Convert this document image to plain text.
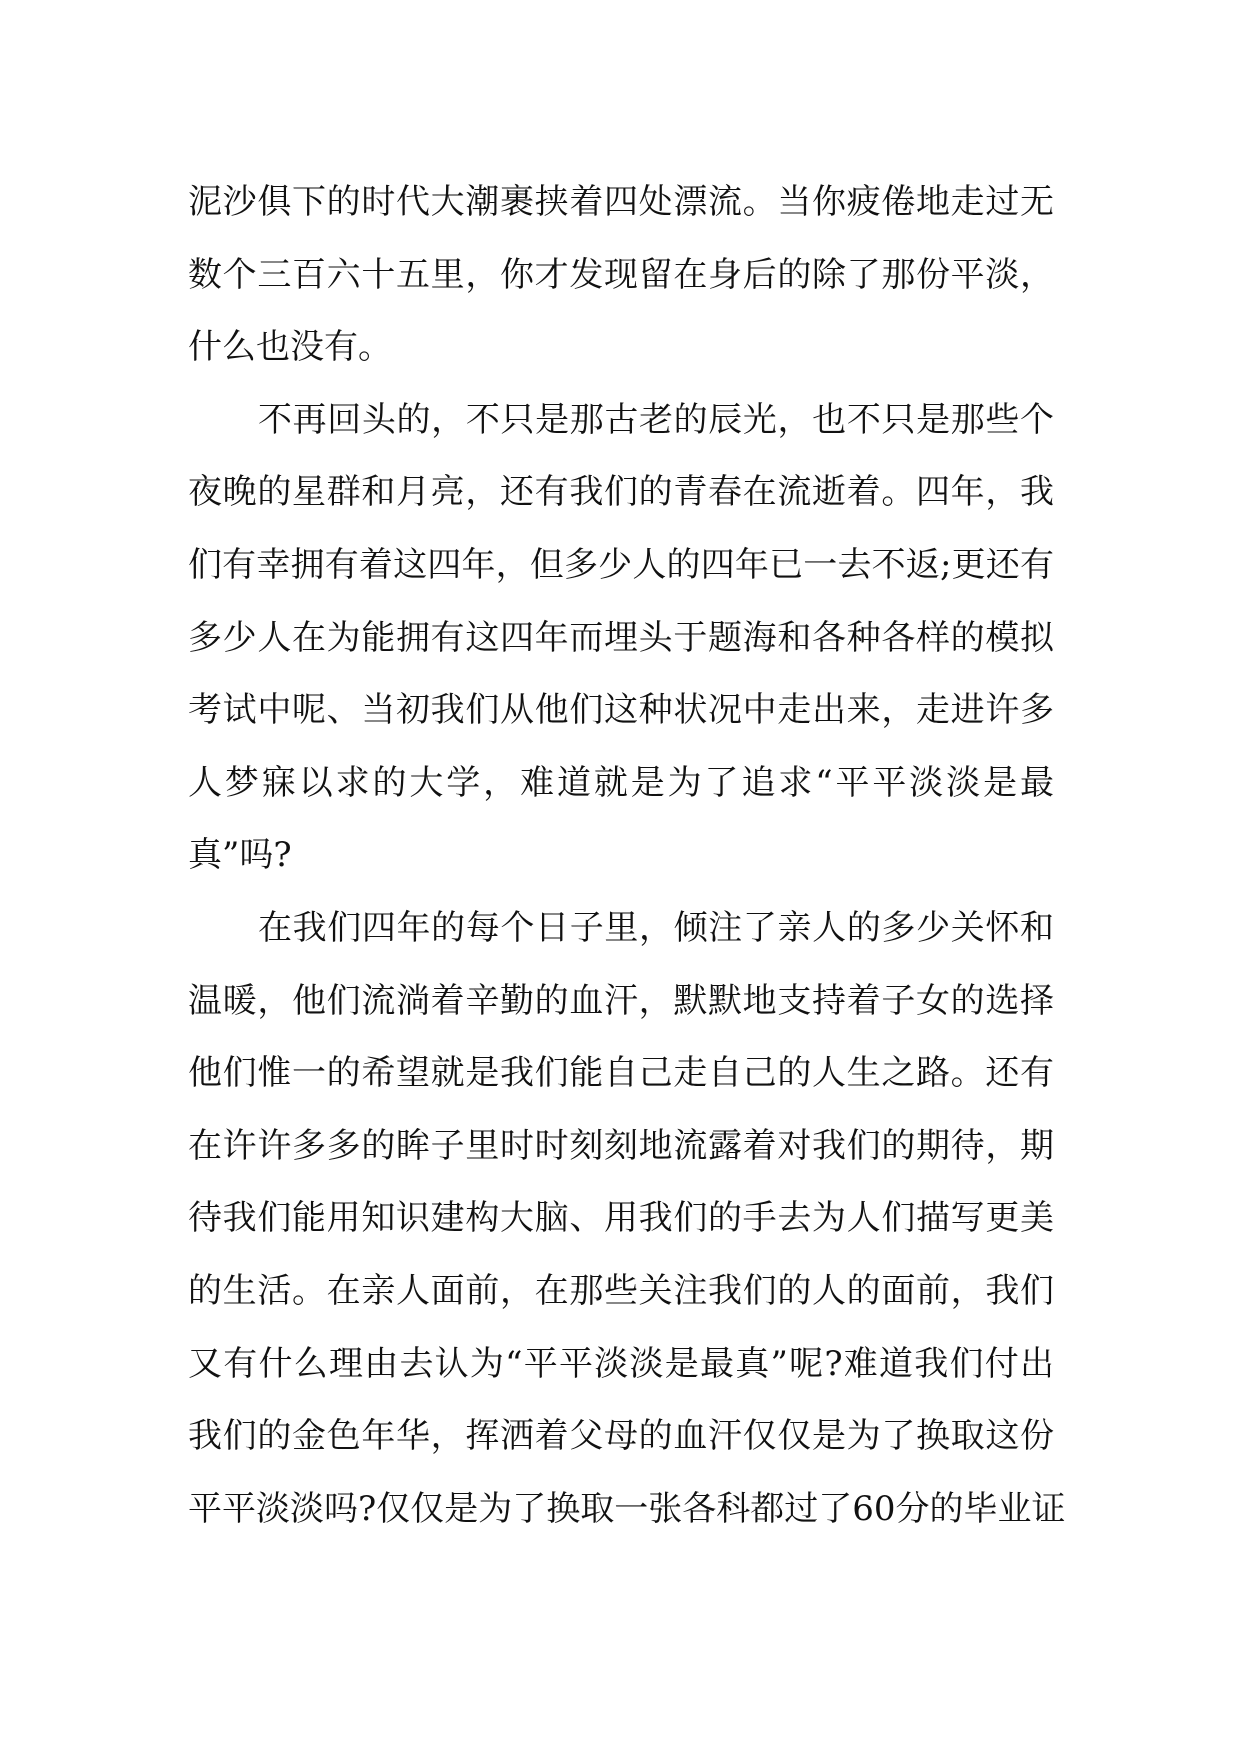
泥沙俱下的时代大潮裹挟着四处漂流。当你疲倦地走过无
数个三百六十五里，你才发现留在身后的除了那份平淡，
什么也没有。
不再回头的，不只是那古老的辰光，也不只是那些个
夜晚的星群和月亮，还有我们的青春在流逝着。四年，我
们有幸拥有着这四年，但多少人的四年已一去不返;更还有
多少人在为能拥有这四年而埋头于题海和各种各样的模拟
考试中呢、当初我们从他们这种状况中走出来，走进许多
人梦寐以求的大学，难道就是为了追求“平平淡淡是最
真”吗?
在我们四年的每个日子里，倾注了亲人的多少关怀和
温暖，他们流淌着辛勤的血汗，默默地支持着子女的选择
他们惟一的希望就是我们能自己走自己的人生之路。还有
在许许多多的眸子里时时刻刻地流露着对我们的期待，期
待我们能用知识建构大脑、用我们的手去为人们描写更美
的生活。在亲人面前，在那些关注我们的人的面前，我们
又有什么理由去认为“平平淡淡是最真”呢?难道我们付出
我们的金色年华，挥洒着父母的血汗仅仅是为了换取这份
平平淡淡吗?仅仅是为了换取一张各科都过了60分的毕业证
